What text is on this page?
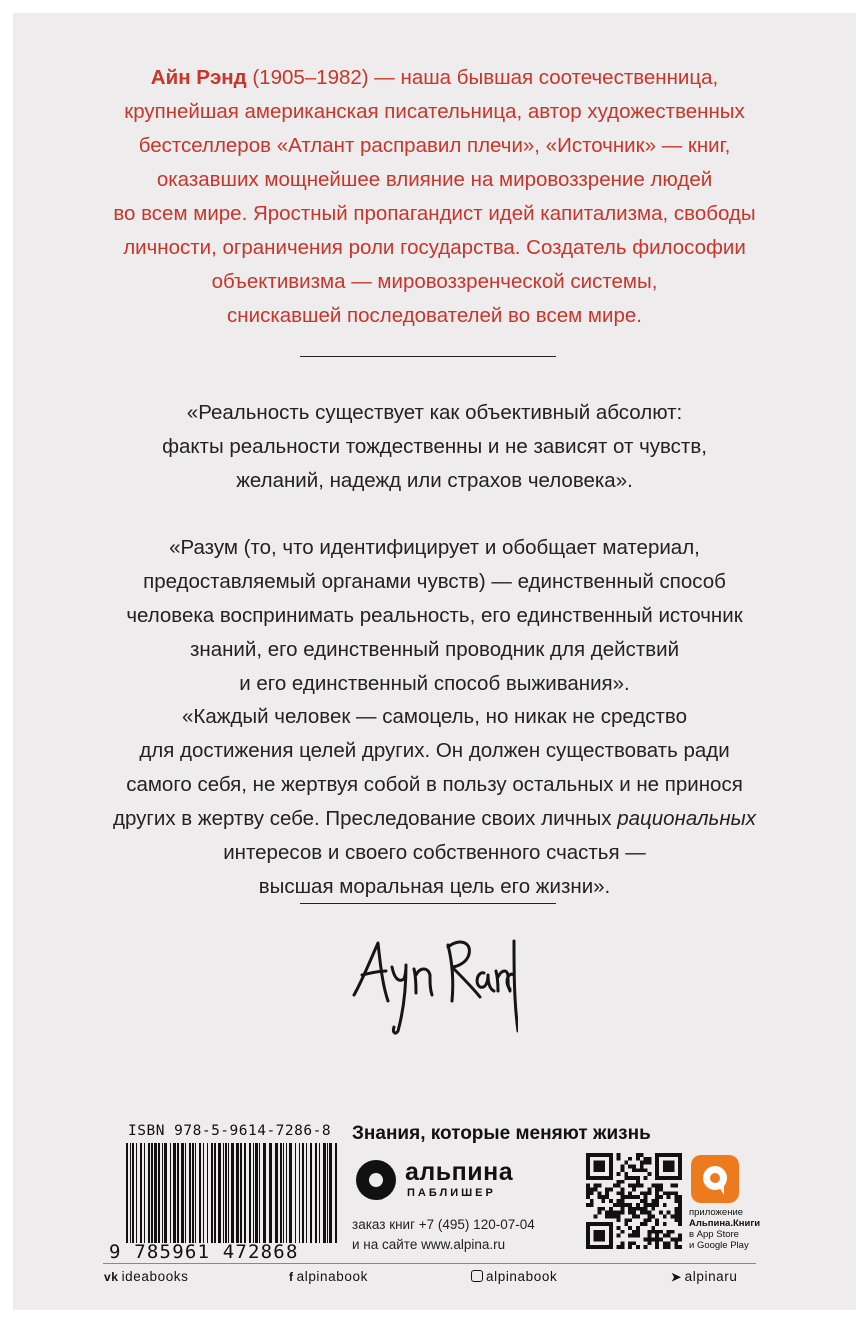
Айн Рэнд (1905–1982) — наша бывшая соотечественница,
крупнейшая американская писательница, автор художественных
бестселлеров «Атлант расправил плечи», «Источник» — книг,
оказавших мощнейшее влияние на мировоззрение людей
во всем мире. Яростный пропагандист идей капитализма, свободы
личности, ограничения роли государства. Создатель философии
объективизма — мировоззренческой системы,
снискавшей последователей во всем мире.
«Реальность существует как объективный абсолют:
факты реальности тождественны и не зависят от чувств,
желаний, надежд или страхов человека».
«Разум (то, что идентифицирует и обобщает материал,
предоставляемый органами чувств) — единственный способ
человека воспринимать реальность, его единственный источник
знаний, его единственный проводник для действий
и его единственный способ выживания».
«Каждый человек — самоцель, но никак не средство
для достижения целей других. Он должен существовать ради
самого себя, не жертвуя собой в пользу остальных и не принося
других в жертву себе. Преследование своих личных рациональных
интересов и своего собственного счастья —
высшая моральная цель его жизни».
ISBN 978-5-9614-7286-8
9 785961 472868
Знания, которые меняют жизнь
альпина
ПАБЛИШЕР
заказ книг +7 (495) 120-07-04
и на сайте www.alpina.ru
приложение
Альпина.Книги
в App Store
и Google Play
vk ideabooks	f alpinabook	alpinabook	➤ alpinaru
